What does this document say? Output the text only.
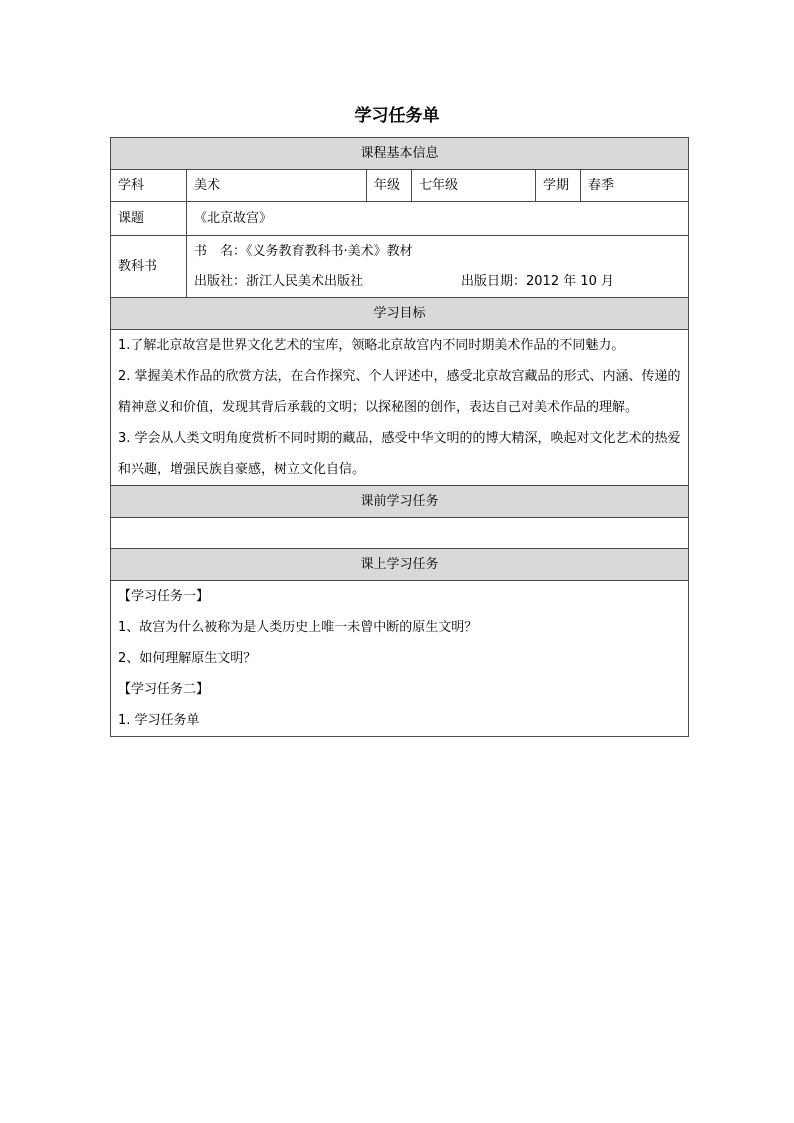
学习任务单
课程基本信息					
学科	美术	年级	七年级	学期	春季
课题	《北京故宫》				
教科书	书　名：《义务教育教科书·美术》教材
出版社：浙江人民美术出版社 出版日期：2012 年 10 月				

学习目标					

1.了解北京故宫是世界文化艺术的宝库，领略北京故宫内不同时期美术作品的不同魅力。
2. 掌握美术作品的欣赏方法，在合作探究、个人评述中，感受北京故宫藏品的形式、内涵、传递的精神意义和价值，发现其背后承载的文明；以探秘图的创作，表达自己对美术作品的理解。
3. 学会从人类文明角度赏析不同时期的藏品，感受中华文明的的博大精深，唤起对文化艺术的热爱和兴趣，增强民族自豪感，树立文化自信。					

课前学习任务					

课上学习任务					

【学习任务一】
1、故宫为什么被称为是人类历史上唯一未曾中断的原生文明？
2、如何理解原生文明？
【学习任务二】
1. 学习任务单					
